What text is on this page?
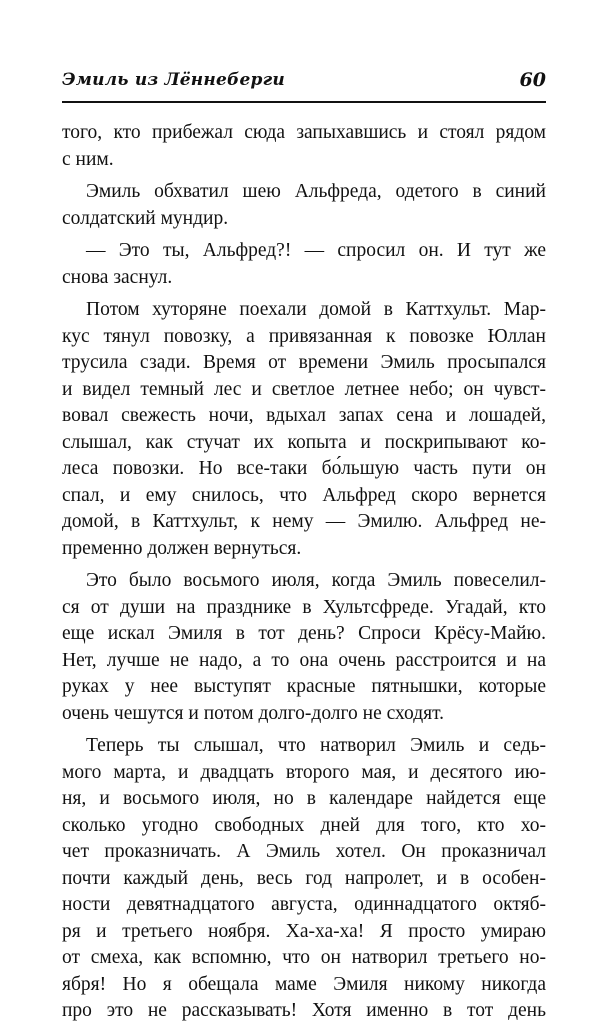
Эмиль из Лённеберги	60
того, кто прибежал сюда запыхавшись и стоял рядом
с ним.
Эмиль обхватил шею Альфреда, одетого в синий
солдатский мундир.
— Это ты, Альфред?! — спросил он. И тут же
снова заснул.
Потом хуторяне поехали домой в Каттхульт. Мар-
кус тянул повозку, а привязанная к повозке Юллан
трусила сзади. Время от времени Эмиль просыпался
и видел темный лес и светлое летнее небо; он чувст-
вовал свежесть ночи, вдыхал запах сена и лошадей,
слышал, как стучат их копыта и поскрипывают ко-
леса повозки. Но все-таки бо́льшую часть пути он
спал, и ему снилось, что Альфред скоро вернется
домой, в Каттхульт, к нему — Эмилю. Альфред не-
пременно должен вернуться.
Это было восьмого июля, когда Эмиль повеселил-
ся от души на празднике в Хультсфреде. Угадай, кто
еще искал Эмиля в тот день? Спроси Крёсу-Майю.
Нет, лучше не надо, а то она очень расстроится и на
руках у нее выступят красные пятнышки, которые
очень чешутся и потом долго-долго не сходят.
Теперь ты слышал, что натворил Эмиль и седь-
мого марта, и двадцать второго мая, и десятого ию-
ня, и восьмого июля, но в календаре найдется еще
сколько угодно свободных дней для того, кто хо-
чет проказничать. А Эмиль хотел. Он проказничал
почти каждый день, весь год напролет, и в особен-
ности девятнадцатого августа, одиннадцатого октяб-
ря и третьего ноября. Ха-ха-ха! Я просто умираю
от смеха, как вспомню, что он натворил третьего но-
ября! Но я обещала маме Эмиля никому никогда
про это не рассказывать! Хотя именно в тот день
